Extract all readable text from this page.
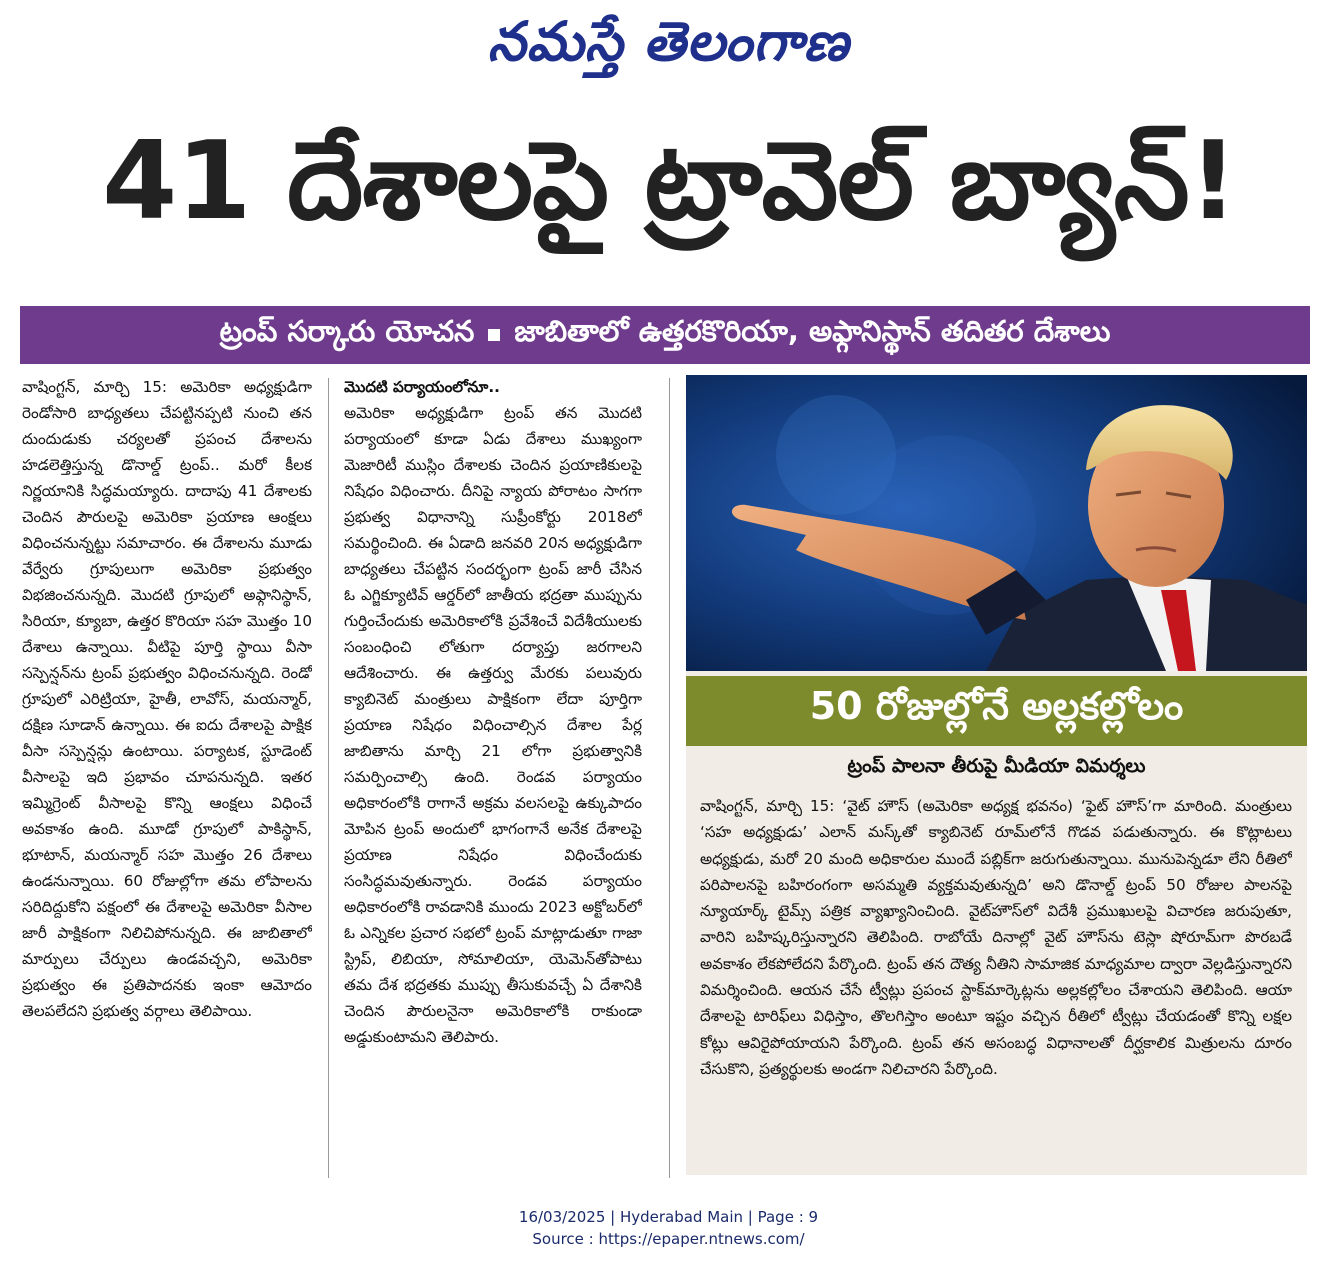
నమస్తే తెలంగాణ
41 దేశాలపై ట్రావెల్ బ్యాన్!
ట్రంప్ సర్కారు యోచన జాబితాలో ఉత్తరకొరియా, అఫ్గానిస్థాన్ తదితర దేశాలు
వాషింగ్టన్, మార్చి 15: అమెరికా అధ్యక్షుడిగా రెండోసారి బాధ్యతలు చేపట్టినప్పటి నుంచి తన దుందుడుకు చర్యలతో ప్రపంచ దేశాలను హడలెత్తిస్తున్న డొనాల్డ్ ట్రంప్.. మరో కీలక నిర్ణయానికి సిద్ధమయ్యారు. దాదాపు 41 దేశాలకు చెందిన పౌరులపై అమెరికా ప్రయాణ ఆంక్షలు విధించనున్నట్టు సమాచారం. ఈ దేశాలను మూడు వేర్వేరు గ్రూపులుగా అమెరికా ప్రభుత్వం విభజించనున్నది. మొదటి గ్రూపులో అఫ్గానిస్థాన్, సిరియా, క్యూబా, ఉత్తర కొరియా సహ మొత్తం 10 దేశాలు ఉన్నాయి. వీటిపై పూర్తి స్థాయి వీసా సస్పెన్షన్‌ను ట్రంప్ ప్రభుత్వం విధించనున్నది. రెండో గ్రూపులో ఎరిట్రియా, హైతీ, లావోస్, మయన్మార్, దక్షిణ సూడాన్ ఉన్నాయి. ఈ ఐదు దేశాలపై పాక్షిక వీసా సస్పెన్షన్లు ఉంటాయి. పర్యాటక, స్టూడెంట్ వీసాలపై ఇది ప్రభావం చూపనున్నది. ఇతర ఇమ్మిగ్రెంట్ వీసాలపై కొన్ని ఆంక్షలు విధించే అవకాశం ఉంది. మూడో గ్రూపులో పాకిస్థాన్, భూటాన్, మయన్మార్ సహ మొత్తం 26 దేశాలు ఉండనున్నాయి. 60 రోజుల్లోగా తమ లోపాలను సరిదిద్దుకోని పక్షంలో ఈ దేశాలపై అమెరికా వీసాల జారీ పాక్షికంగా నిలిచిపోనున్నది. ఈ జాబితాలో మార్పులు చేర్పులు ఉండవచ్చని, అమెరికా ప్రభుత్వం ఈ ప్రతిపాదనకు ఇంకా ఆమోదం తెలపలేదని ప్రభుత్వ వర్గాలు తెలిపాయి.
మొదటి పర్యాయంలోనూ..
అమెరికా అధ్యక్షుడిగా ట్రంప్ తన మొదటి పర్యాయంలో కూడా ఏడు దేశాలు ముఖ్యంగా మెజారిటీ ముస్లిం దేశాలకు చెందిన ప్రయాణికులపై నిషేధం విధించారు. దీనిపై న్యాయ పోరాటం సాగగా ప్రభుత్వ విధానాన్ని సుప్రీంకోర్టు 2018లో సమర్థించింది. ఈ ఏడాది జనవరి 20న అధ్యక్షుడిగా బాధ్యతలు చేపట్టిన సందర్భంగా ట్రంప్ జారీ చేసిన ఓ ఎగ్జిక్యూటివ్ ఆర్డర్‌లో జాతీయ భద్రతా ముప్పును గుర్తించేందుకు అమెరికాలోకి ప్రవేశించే విదేశీయులకు సంబంధించి లోతుగా దర్యాప్తు జరగాలని ఆదేశించారు. ఈ ఉత్తర్వు మేరకు పలువురు క్యాబినెట్ మంత్రులు పాక్షికంగా లేదా పూర్తిగా ప్రయాణ నిషేధం విధించాల్సిన దేశాల పేర్ల జాబితాను మార్చి 21 లోగా ప్రభుత్వానికి సమర్పించాల్సి ఉంది. రెండవ పర్యాయం అధికారంలోకి రాగానే అక్రమ వలసలపై ఉక్కుపాదం మోపిన ట్రంప్ అందులో భాగంగానే అనేక దేశాలపై ప్రయాణ నిషేధం విధించేందుకు సంసిద్ధమవుతున్నారు. రెండవ పర్యాయం అధికారంలోకి రావడానికి ముందు 2023 అక్టోబర్‌లో ఓ ఎన్నికల ప్రచార సభలో ట్రంప్ మాట్లాడుతూ గాజా స్ట్రిప్, లిబియా, సోమాలియా, యెమెన్‌తోపాటు తమ దేశ భద్రతకు ముప్పు తీసుకువచ్చే ఏ దేశానికి చెందిన పౌరులనైనా అమెరికాలోకి రాకుండా అడ్డుకుంటామని తెలిపారు.
50 రోజుల్లోనే అల్లకల్లోలం
ట్రంప్ పాలనా తీరుపై మీడియా విమర్శలు
వాషింగ్టన్, మార్చి 15: ‘వైట్ హౌస్ (అమెరికా అధ్యక్ష భవనం) ‘ఫైట్ హౌస్’గా మారింది. మంత్రులు ‘సహ అధ్యక్షుడు’ ఎలాన్ మస్క్‌తో క్యాబినెట్ రూమ్‌లోనే గొడవ పడుతున్నారు. ఈ కొట్లాటలు అధ్యక్షుడు, మరో 20 మంది అధికారుల ముందే పబ్లిక్‌గా జరుగుతున్నాయి. మునుపెన్నడూ లేని రీతిలో పరిపాలనపై బహిరంగంగా అసమ్మతి వ్యక్తమవుతున్నది’ అని డొనాల్డ్ ట్రంప్ 50 రోజుల పాలనపై న్యూయార్క్ టైమ్స్ పత్రిక వ్యాఖ్యానించింది. వైట్‌హౌస్‌లో విదేశీ ప్రముఖులపై విచారణ జరుపుతూ, వారిని బహిష్కరిస్తున్నారని తెలిపింది. రాబోయే దినాల్లో వైట్ హౌస్‌ను టెస్లా షోరూమ్‌గా పొరబడే అవకాశం లేకపోలేదని పేర్కొంది. ట్రంప్ తన దౌత్య నీతిని సామాజిక మాధ్యమాల ద్వారా వెల్లడిస్తున్నారని విమర్శించింది. ఆయన చేసే ట్వీట్లు ప్రపంచ స్టాక్‌మార్కెట్లను అల్లకల్లోలం చేశాయని తెలిపింది. ఆయా దేశాలపై టారిఫ్‌లు విధిస్తాం, తొలగిస్తాం అంటూ ఇష్టం వచ్చిన రీతిలో ట్వీట్లు చేయడంతో కొన్ని లక్షల కోట్లు ఆవిరైపోయాయని పేర్కొంది. ట్రంప్ తన అసంబద్ధ విధానాలతో దీర్ఘకాలిక మిత్రులను దూరం చేసుకొని, ప్రత్యర్థులకు అండగా నిలిచారని పేర్కొంది.
16/03/2025 | Hyderabad Main | Page : 9
Source : https://epaper.ntnews.com/
